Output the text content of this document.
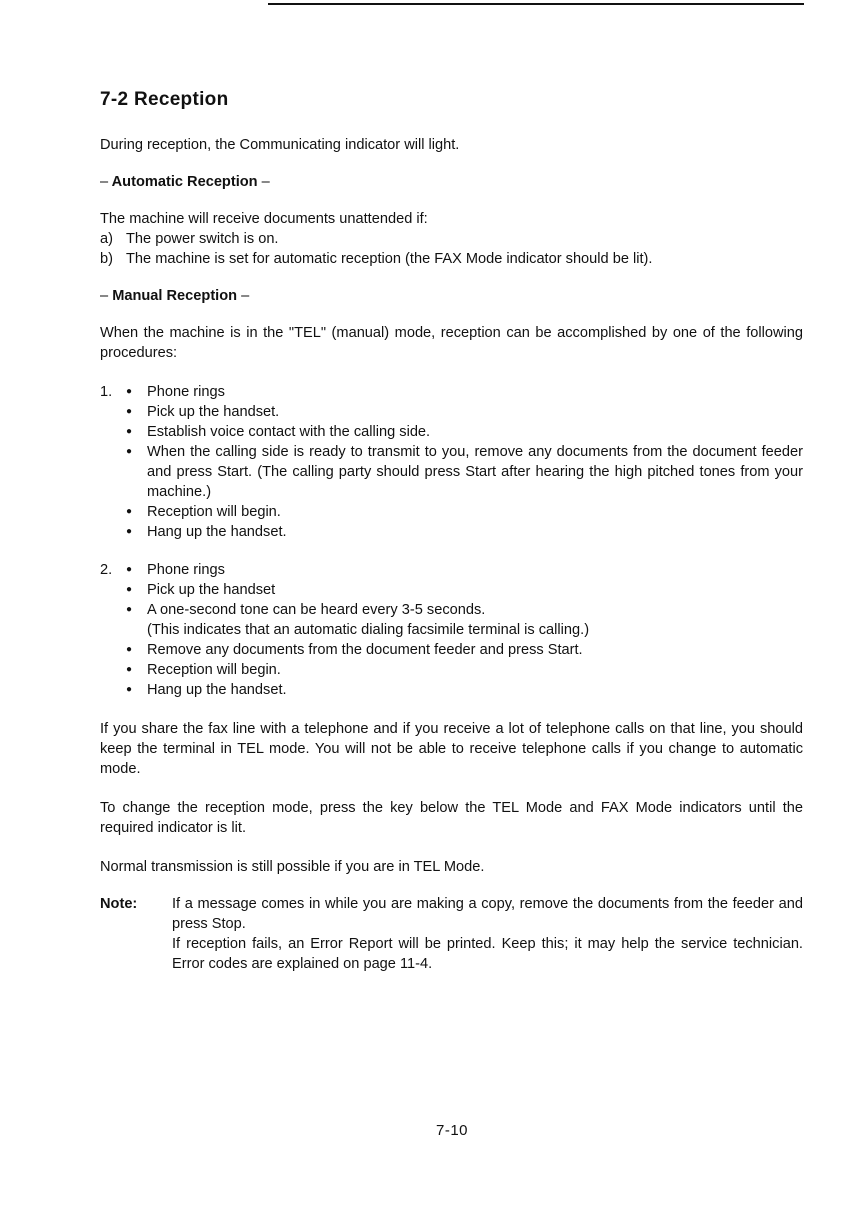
7-2 Reception

During reception, the Communicating indicator will light.

– Automatic Reception –

The machine will receive documents unattended if:

a) The power switch is on.
b) The machine is set for automatic reception (the FAX Mode indicator should be lit).

– Manual Reception –

When the machine is in the "TEL" (manual) mode, reception can be accomplished by one of the following procedures:

1.	●	Phone rings
●	Pick up the handset.
●	Establish voice contact with the calling side.
●	When the calling side is ready to transmit to you, remove any documents from the document feeder and press Start. (The calling party should press Start after hearing the high pitched tones from your machine.)
●	Reception will begin.
●	Hang up the handset.
2.	●	Phone rings
●	Pick up the handset
●	A one-second tone can be heard every 3-5 seconds.
(This indicates that an automatic dialing facsimile terminal is calling.)
●	Remove any documents from the document feeder and press Start.
●	Reception will begin.
●	Hang up the handset.

If you share the fax line with a telephone and if you receive a lot of telephone calls on that line, you should keep the terminal in TEL mode. You will not be able to receive telephone calls if you change to automatic mode.

To change the reception mode, press the key below the TEL Mode and FAX Mode indicators until the required indicator is lit.

Normal transmission is still possible if you are in TEL Mode.

Note:	If a message comes in while you are making a copy, remove the documents from the feeder and press Stop.

If reception fails, an Error Report will be printed. Keep this; it may help the service technician. Error codes are explained on page 11-4.

7-10
